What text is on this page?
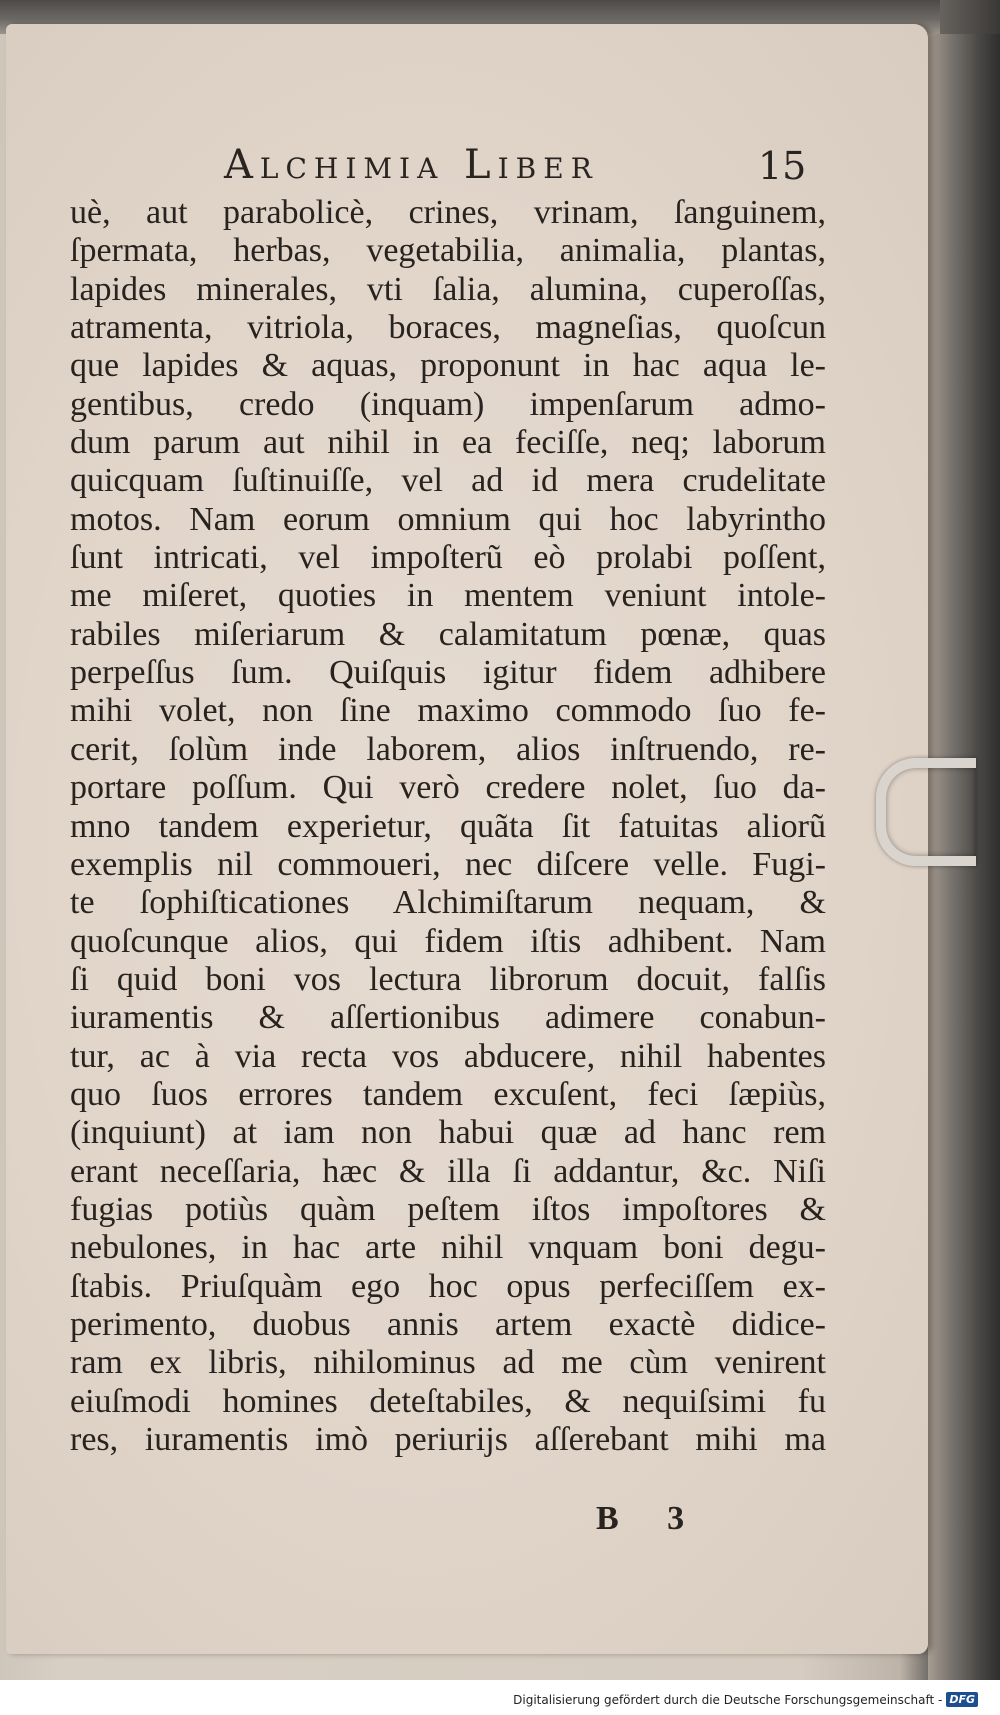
Alchimia Liber	15
uè, aut parabolicè, crines, vrinam, ſanguinem,
ſpermata, herbas, vegetabilia, animalia, plantas,
lapides minerales, vti ſalia, alumina, cuperoſſas,
atramenta, vitriola, boraces, magneſias, quoſcun
que lapides & aquas, proponunt in hac aqua le-
gentibus, credo (inquam) impenſarum admo-
dum parum aut nihil in ea feciſſe, neq; laborum
quicquam ſuſtinuiſſe, vel ad id mera crudelitate
motos. Nam eorum omnium qui hoc labyrintho
ſunt intricati, vel impoſterũ eò prolabi poſſent,
me miſeret, quoties in mentem veniunt intole-
rabiles miſeriarum & calamitatum pœnæ, quas
perpeſſus ſum. Quiſquis igitur fidem adhibere
mihi volet, non ſine maximo commodo ſuo fe-
cerit, ſolùm inde laborem, alios inſtruendo, re-
portare poſſum. Qui verò credere nolet, ſuo da-
mno tandem experietur, quãta ſit fatuitas aliorũ
exemplis nil commoueri, nec diſcere velle. Fugi-
te ſophiſticationes Alchimiſtarum nequam, &
quoſcunque alios, qui fidem iſtis adhibent. Nam
ſi quid boni vos lectura librorum docuit, falſis
iuramentis & aſſertionibus adimere conabun-
tur, ac à via recta vos abducere, nihil habentes
quo ſuos errores tandem excuſent, feci ſæpiùs,
(inquiunt) at iam non habui quæ ad hanc rem
erant neceſſaria, hæc & illa ſi addantur, &c. Niſi
fugias potiùs quàm peſtem iſtos impoſtores &
nebulones, in hac arte nihil vnquam boni degu-
ſtabis. Priuſquàm ego hoc opus perfeciſſem ex-
perimento, duobus annis artem exactè didice-
ram ex libris, nihilominus ad me cùm venirent
eiuſmodi homines deteſtabiles, & nequiſsimi fu
res, iuramentis imò periurijs aſſerebant mihi ma
B 3
Digitalisierung gefördert durch die Deutsche Forschungsgemeinschaft - DFG
